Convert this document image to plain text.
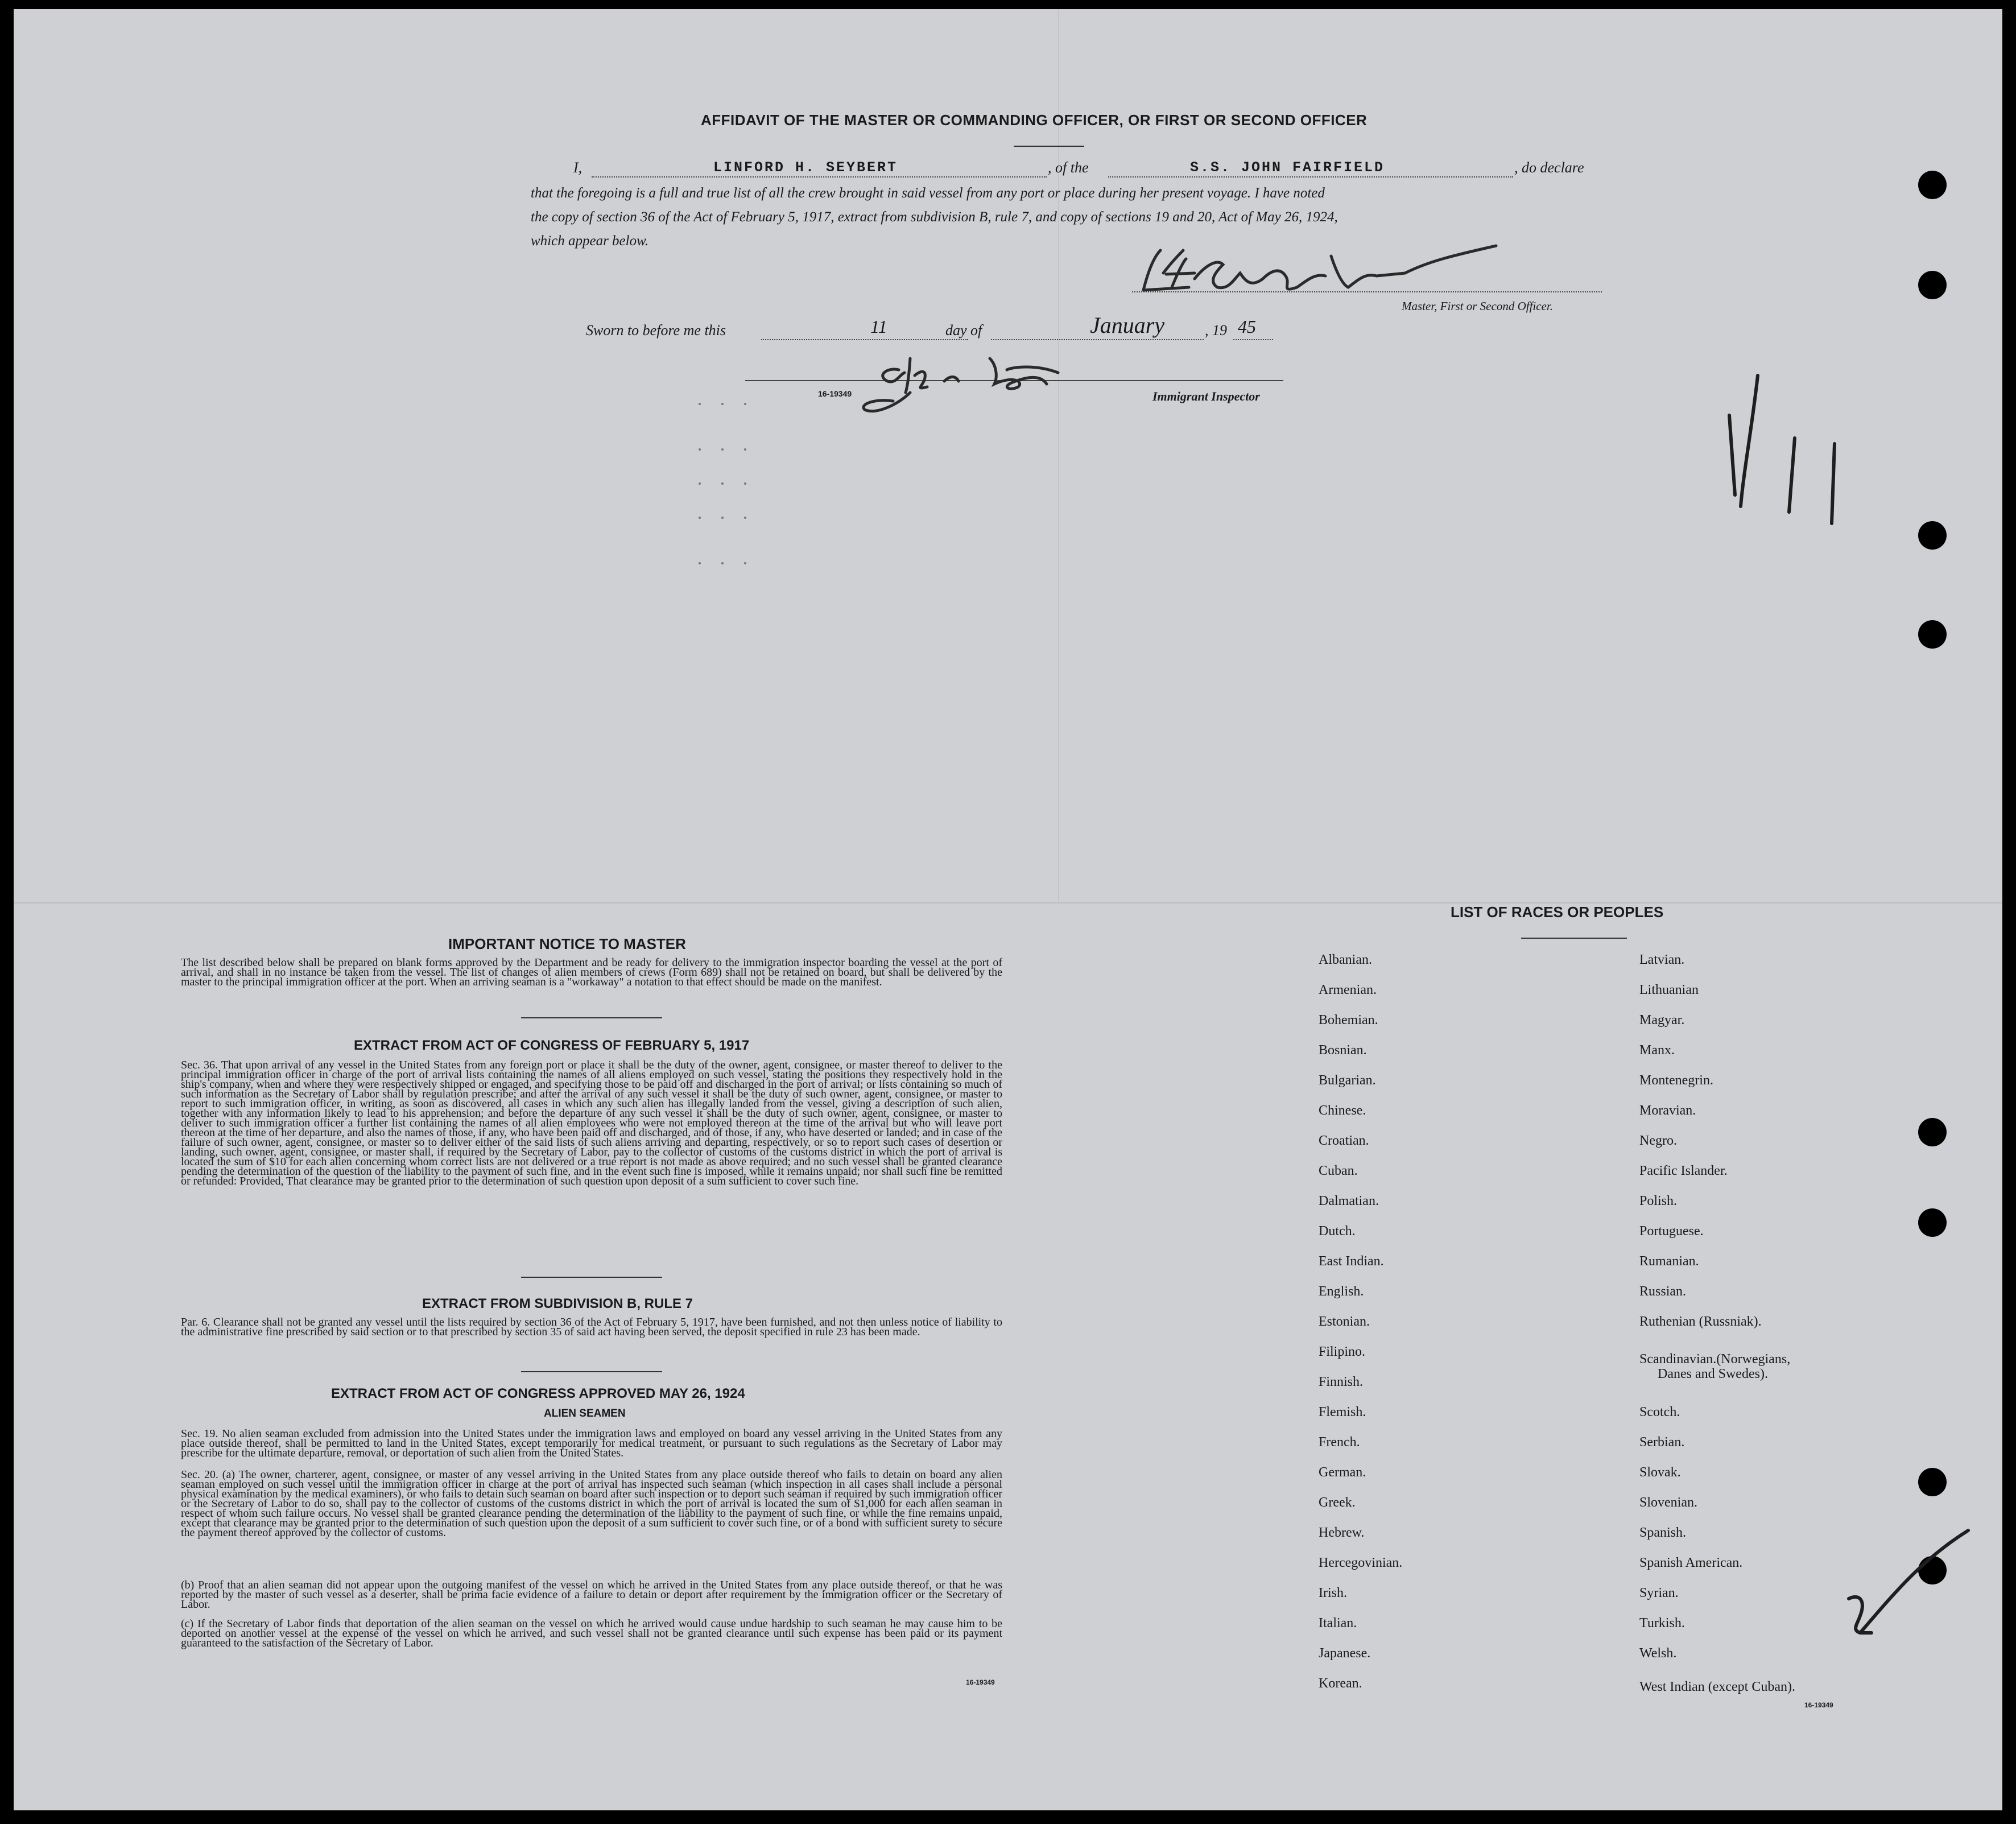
AFFIDAVIT OF THE MASTER OR COMMANDING OFFICER, OR FIRST OR SECOND OFFICER
I,	LINFORD H. SEYBERT	, of the	S.S. JOHN FAIRFIELD	, do declare
that the foregoing is a full and true list of all the crew brought in said vessel from any port or place during her present voyage. I have noted
the copy of section 36 of the Act of February 5, 1917, extract from subdivision B, rule 7, and copy of sections 19 and 20, Act of May 26, 1924,
which appear below.
Master, First or Second Officer.
Sworn to before me this	11	day of	January	, 19 45
16-19349	Immigrant Inspector
1/11
IMPORTANT NOTICE TO MASTER
The list described below shall be prepared on blank forms approved by the Department and be ready for delivery to the immigration inspector boarding the vessel at the port of arrival, and shall in no instance be taken from the vessel. The list of changes of alien members of crews (Form 689) shall not be retained on board, but shall be delivered by the master to the principal immigration officer at the port. When an arriving seaman is a "workaway" a notation to that effect should be made on the manifest.
EXTRACT FROM ACT OF CONGRESS OF FEBRUARY 5, 1917
Sec. 36. That upon arrival of any vessel in the United States from any foreign port or place it shall be the duty of the owner, agent, consignee, or master thereof to deliver to the principal immigration officer in charge of the port of arrival lists containing the names of all aliens employed on such vessel, stating the positions they respectively hold in the ship's company, when and where they were respectively shipped or engaged, and specifying those to be paid off and discharged in the port of arrival; or lists containing so much of such information as the Secretary of Labor shall by regulation prescribe; and after the arrival of any such vessel it shall be the duty of such owner, agent, consignee, or master to report to such immigration officer, in writing, as soon as discovered, all cases in which any such alien has illegally landed from the vessel, giving a description of such alien, together with any information likely to lead to his apprehension; and before the departure of any such vessel it shall be the duty of such owner, agent, consignee, or master to deliver to such immigration officer a further list containing the names of all alien employees who were not employed thereon at the time of the arrival but who will leave port thereon at the time of her departure, and also the names of those, if any, who have been paid off and discharged, and of those, if any, who have deserted or landed; and in case of the failure of such owner, agent, consignee, or master so to deliver either of the said lists of such aliens arriving and departing, respectively, or so to report such cases of desertion or landing, such owner, agent, consignee, or master shall, if required by the Secretary of Labor, pay to the collector of customs of the customs district in which the port of arrival is located the sum of $10 for each alien concerning whom correct lists are not delivered or a true report is not made as above required; and no such vessel shall be granted clearance pending the determination of the question of the liability to the payment of such fine, and in the event such fine is imposed, while it remains unpaid; nor shall such fine be remitted or refunded: Provided, That clearance may be granted prior to the determination of such question upon deposit of a sum sufficient to cover such fine.
EXTRACT FROM SUBDIVISION B, RULE 7
Par. 6. Clearance shall not be granted any vessel until the lists required by section 36 of the Act of February 5, 1917, have been furnished, and not then unless notice of liability to the administrative fine prescribed by said section or to that prescribed by section 35 of said act having been served, the deposit specified in rule 23 has been made.
EXTRACT FROM ACT OF CONGRESS APPROVED MAY 26, 1924
ALIEN SEAMEN
Sec. 19. No alien seaman excluded from admission into the United States under the immigration laws and employed on board any vessel arriving in the United States from any place outside thereof, shall be permitted to land in the United States, except temporarily for medical treatment, or pursuant to such regulations as the Secretary of Labor may prescribe for the ultimate departure, removal, or deportation of such alien from the United States.
Sec. 20. (a) The owner, charterer, agent, consignee, or master of any vessel arriving in the United States from any place outside thereof who fails to detain on board any alien seaman employed on such vessel until the immigration officer in charge at the port of arrival has inspected such seaman (which inspection in all cases shall include a personal physical examination by the medical examiners), or who fails to detain such seaman on board after such inspection or to deport such seaman if required by such immigration officer or the Secretary of Labor to do so, shall pay to the collector of customs of the customs district in which the port of arrival is located the sum of $1,000 for each alien seaman in respect of whom such failure occurs. No vessel shall be granted clearance pending the determination of the liability to the payment of such fine, or while the fine remains unpaid, except that clearance may be granted prior to the determination of such question upon the deposit of a sum sufficient to cover such fine, or of a bond with sufficient surety to secure the payment thereof approved by the collector of customs.
(b) Proof that an alien seaman did not appear upon the outgoing manifest of the vessel on which he arrived in the United States from any place outside thereof, or that he was reported by the master of such vessel as a deserter, shall be prima facie evidence of a failure to detain or deport after requirement by the immigration officer or the Secretary of Labor.
(c) If the Secretary of Labor finds that deportation of the alien seaman on the vessel on which he arrived would cause undue hardship to such seaman he may cause him to be deported on another vessel at the expense of the vessel on which he arrived, and such vessel shall not be granted clearance until such expense has been paid or its payment guaranteed to the satisfaction of the Secretary of Labor.
16-19349
LIST OF RACES OR PEOPLES
Albanian.
Armenian.
Bohemian.
Bosnian.
Bulgarian.
Chinese.
Croatian.
Cuban.
Dalmatian.
Dutch.
East Indian.
English.
Estonian.
Filipino.
Finnish.
Flemish.
French.
German.
Greek.
Hebrew.
Hercegovinian.
Irish.
Italian.
Japanese.
Korean.
Latvian.
Lithuanian
Magyar.
Manx.
Montenegrin.
Moravian.
Negro.
Pacific Islander.
Polish.
Portuguese.
Rumanian.
Russian.
Ruthenian (Russniak).
Scandinavian.(Norwegians,
Danes and Swedes).
Scotch.
Serbian.
Slovak.
Slovenian.
Spanish.
Spanish American.
Syrian.
Turkish.
Welsh.
West Indian (except Cuban).
16-19349
